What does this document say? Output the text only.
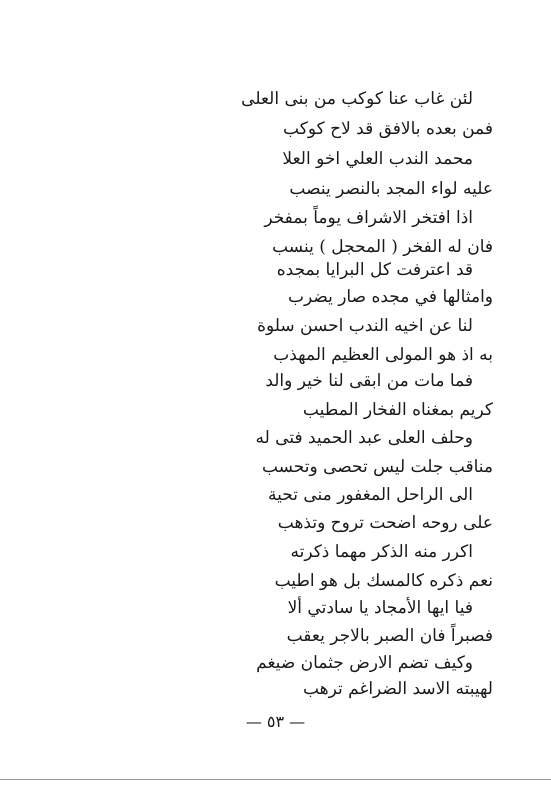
لئن غاب عنا كوكب من بنى العلى
فمن بعده بالافق قد لاح كوكب
محمد الندب العلي اخو العلا
عليه لواء المجد بالنصر ينصب
اذا افتخر الاشراف يوماً بمفخر
فان له الفخر ( المحجل ) ينسب
قد اعترفت كل البرايا بمجده
وامثالها في مجده صار يضرب
لنا عن اخيه الندب احسن سلوة
به اذ هو المولى العظيم المهذب
فما مات من ابقى لنا خير والد
كريم بمغناه الفخار المطيب
وحلف العلى عبد الحميد فتى له
مناقب جلت ليس تحصى وتحسب
الى الراحل المغفور منى تحية
على روحه اضحت تروح وتذهب
اكرر منه الذكر مهما ذكرته
نعم ذكره كالمسك بل هو اطيب
فيا ايها الأمجاد يا سادتي ألا
فصبراً فان الصبر بالاجر يعقب
وكيف تضم الارض جثمان ضيغم
لهيبته الاسد الضراغم ترهب
— ٥٣ —
